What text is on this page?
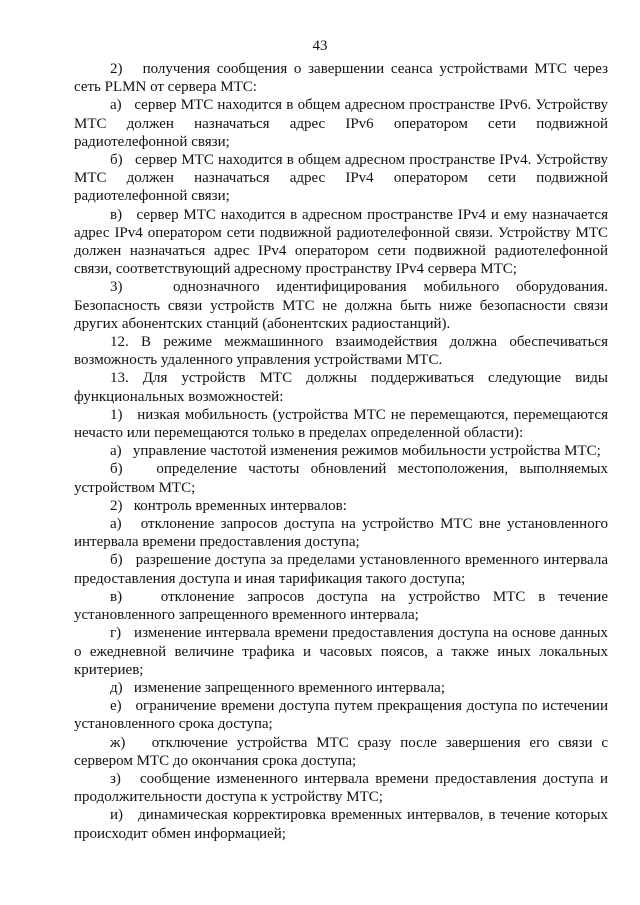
43

2)   получения сообщения о завершении сеанса устройствами МТС через сеть PLMN от сервера МТС:

а)   сервер МТС находится в общем адресном пространстве IPv6. Устройству МТС должен назначаться адрес IPv6 оператором сети подвижной радиотелефонной связи;

б)   сервер МТС находится в общем адресном пространстве IPv4. Устройству МТС должен назначаться адрес IPv4 оператором сети подвижной радиотелефонной связи;

в)   сервер МТС находится в адресном пространстве IPv4 и ему назначается адрес IPv4 оператором сети подвижной радиотелефонной связи. Устройству МТС должен назначаться адрес IPv4 оператором сети подвижной радиотелефонной связи, соответствующий адресному пространству IPv4 сервера МТС;

3)   однозначного идентифицирования мобильного оборудования. Безопасность связи устройств МТС не должна быть ниже безопасности связи других абонентских станций (абонентских радиостанций).

12. В режиме межмашинного взаимодействия должна обеспечиваться возможность удаленного управления устройствами МТС.

13. Для устройств МТС должны поддерживаться следующие виды функциональных возможностей:

1)   низкая мобильность (устройства МТС не перемещаются, перемещаются нечасто или перемещаются только в пределах определенной области):

а)   управление частотой изменения режимов мобильности устройства МТС;

б)   определение частоты обновлений местоположения, выполняемых устройством МТС;

2)   контроль временных интервалов:

а)   отклонение запросов доступа на устройство МТС вне установленного интервала времени предоставления доступа;

б)   разрешение доступа за пределами установленного временного интервала предоставления доступа и иная тарификация такого доступа;

в)   отклонение запросов доступа на устройство МТС в течение установленного запрещенного временного интервала;

г)   изменение интервала времени предоставления доступа на основе данных о ежедневной величине трафика и часовых поясов, а также иных локальных критериев;

д)   изменение запрещенного временного интервала;

е)   ограничение времени доступа путем прекращения доступа по истечении установленного срока доступа;

ж)   отключение устройства МТС сразу после завершения его связи с сервером МТС до окончания срока доступа;

з)   сообщение измененного интервала времени предоставления доступа и продолжительности доступа к устройству МТС;

и)   динамическая корректировка временных интервалов, в течение которых происходит обмен информацией;
